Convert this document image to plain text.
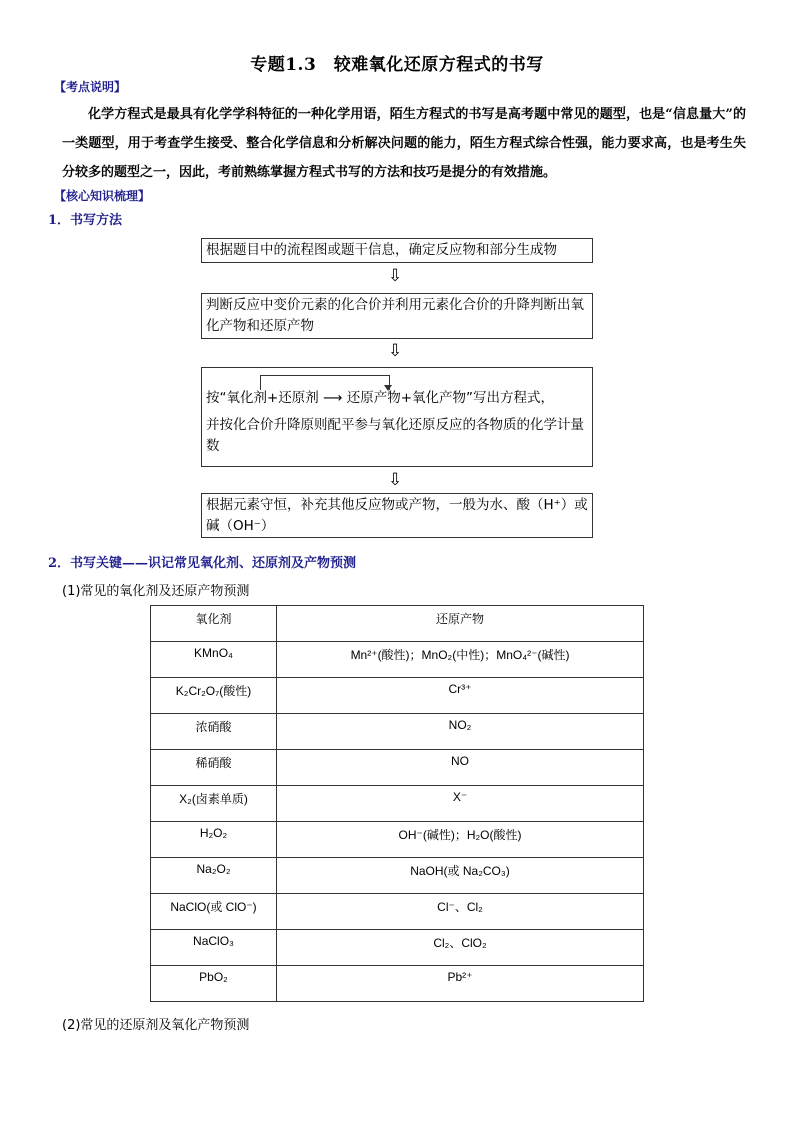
专题1.3　较难氧化还原方程式的书写
【考点说明】
化学方程式是最具有化学学科特征的一种化学用语，陌生方程式的书写是高考题中常见的题型，也是“信息量大”的一类题型，用于考查学生接受、整合化学信息和分析解决问题的能力，陌生方程式综合性强，能力要求高，也是考生失分较多的题型之一，因此，考前熟练掌握方程式书写的方法和技巧是提分的有效措施。
【核心知识梳理】
1．书写方法
根据题目中的流程图或题干信息，确定反应物和部分生成物
⇩
判断反应中变价元素的化合价并利用元素化合价的升降判断出氧化产物和还原产物
⇩
按“氧化剂+还原剂 ⟶ 还原产物+氧化产物”写出方程式，
并按化合价升降原则配平参与氧化还原反应的各物质的化学计量数
⇩
根据元素守恒，补充其他反应物或产物，一般为水、酸（H⁺）或碱（OH⁻）
2．书写关键——识记常见氧化剂、还原剂及产物预测
(1)常见的氧化剂及还原产物预测
氧化剂	还原产物
KMnO₄	Mn²⁺(酸性)；MnO₂(中性)；MnO₄²⁻(碱性)
K₂Cr₂O₇(酸性)	Cr³⁺
浓硝酸	NO₂
稀硝酸	NO
X₂(卤素单质)	X⁻
H₂O₂	OH⁻(碱性)；H₂O(酸性)
Na₂O₂	NaOH(或 Na₂CO₃)
NaClO(或 ClO⁻)	Cl⁻、Cl₂
NaClO₃	Cl₂、ClO₂
PbO₂	Pb²⁺
(2)常见的还原剂及氧化产物预测
